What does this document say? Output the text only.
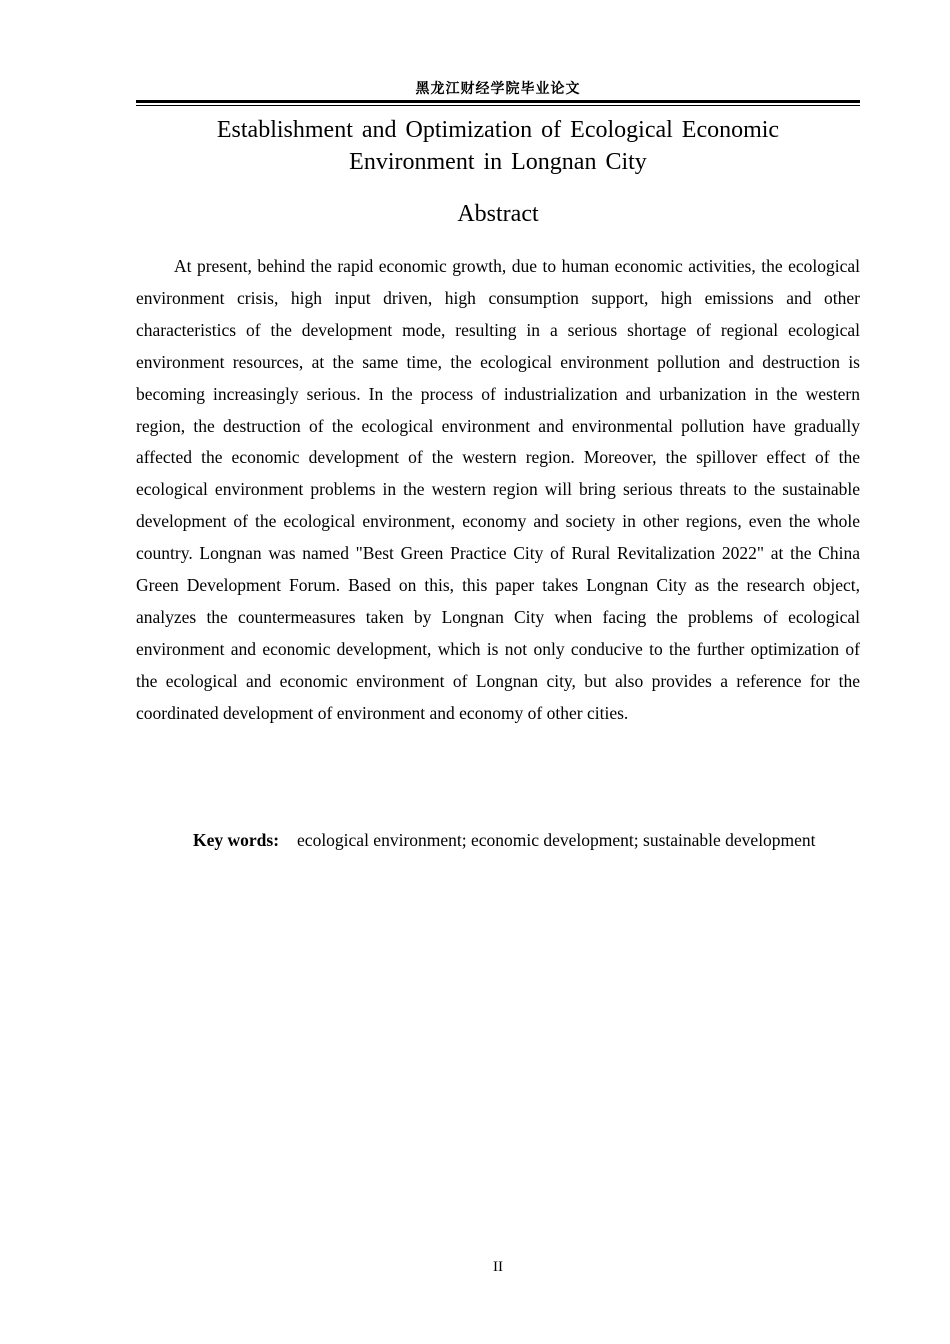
黑龙江财经学院毕业论文
Establishment and Optimization of Ecological Economic
Environment in Longnan City
Abstract

At present, behind the rapid economic growth, due to human economic activities, the ecological environment crisis, high input driven, high consumption support, high emissions and other characteristics of the development mode, resulting in a serious shortage of regional ecological environment resources, at the same time, the ecological environment pollution and destruction is becoming increasingly serious. In the process of industrialization and urbanization in the western region, the destruction of the ecological environment and environmental pollution have gradually affected the economic development of the western region. Moreover, the spillover effect of the ecological environment problems in the western region will bring serious threats to the sustainable development of the ecological environment, economy and society in other regions, even the whole country. Longnan was named "Best Green Practice City of Rural Revitalization 2022" at the China Green Development Forum. Based on this, this paper takes Longnan City as the research object, analyzes the countermeasures taken by Longnan City when facing the problems of ecological environment and economic development, which is not only conducive to the further optimization of the ecological and economic environment of Longnan city, but also provides a reference for the coordinated development of environment and economy of other cities.

Key words: ecological environment; economic development; sustainable development

II
